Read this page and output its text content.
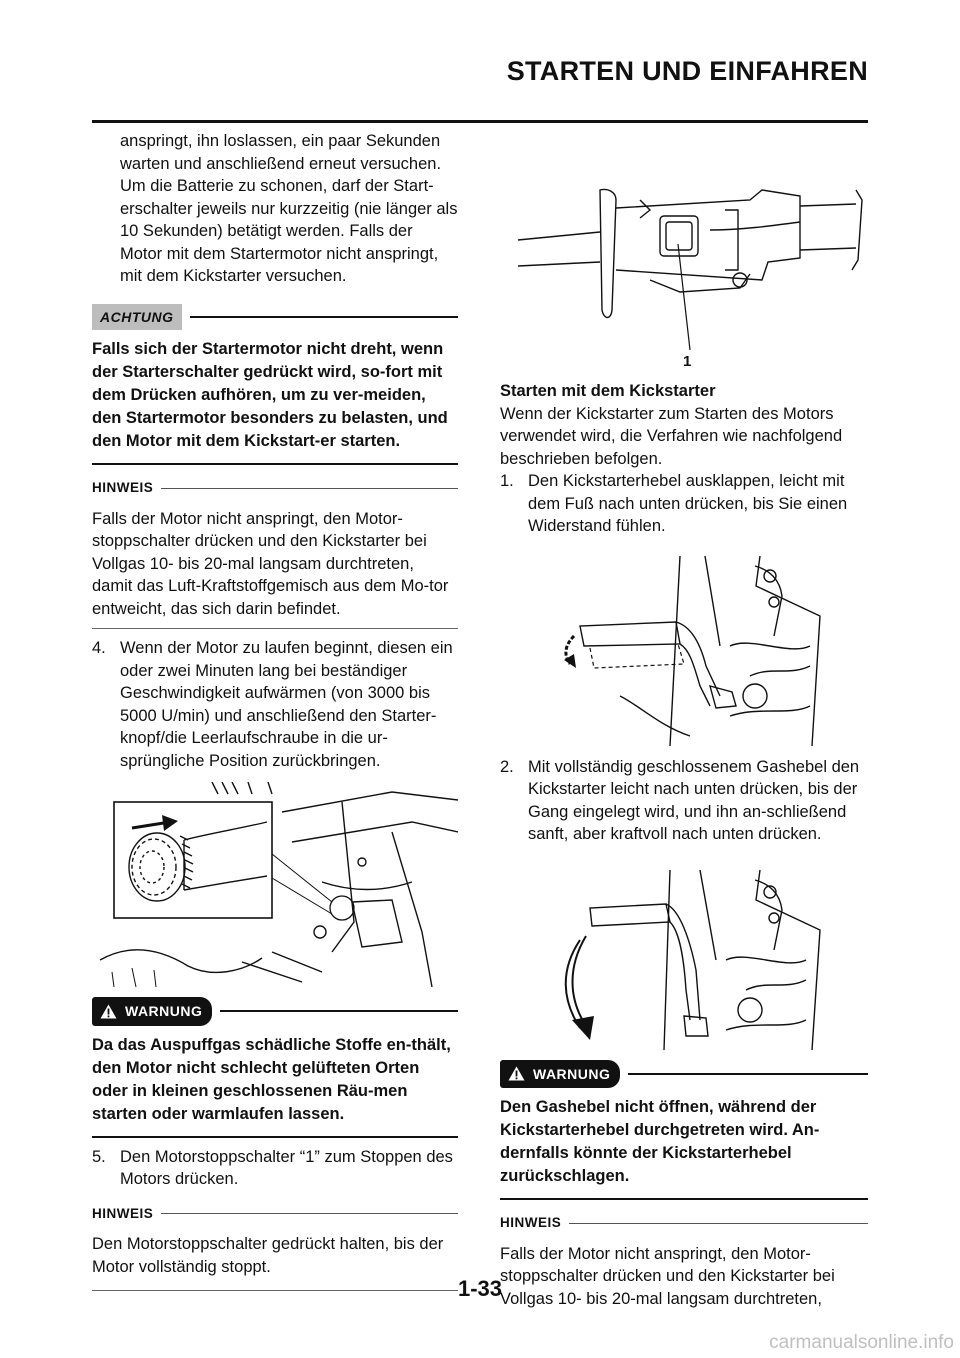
STARTEN UND EINFAHREN

anspringt, ihn loslassen, ein paar Sekunden warten und anschließend erneut versuchen. Um die Batterie zu schonen, darf der Start-erschalter jeweils nur kurzzeitig (nie länger als 10 Sekunden) betätigt werden. Falls der Motor mit dem Startermotor nicht anspringt, mit dem Kickstarter versuchen.

ACHTUNG

Falls sich der Startermotor nicht dreht, wenn der Starterschalter gedrückt wird, so-fort mit dem Drücken aufhören, um zu ver-meiden, den Startermotor besonders zu belasten, und den Motor mit dem Kickstart-er starten.

HINWEIS

Falls der Motor nicht anspringt, den Motor-stoppschalter drücken und den Kickstarter bei Vollgas 10- bis 20-mal langsam durchtreten, damit das Luft-Kraftstoffgemisch aus dem Mo-tor entweicht, das sich darin befindet.

4. Wenn der Motor zu laufen beginnt, diesen ein oder zwei Minuten lang bei beständiger Geschwindigkeit aufwärmen (von 3000 bis 5000 U/min) und anschließend den Starter-knopf/die Leerlaufschraube in die ur-sprüngliche Position zurückbringen.

WARNUNG

Da das Auspuffgas schädliche Stoffe en-thält, den Motor nicht schlecht gelüfteten Orten oder in kleinen geschlossenen Räu-men starten oder warmlaufen lassen.

5. Den Motorstoppschalter “1” zum Stoppen des Motors drücken.

HINWEIS

Den Motorstoppschalter gedrückt halten, bis der Motor vollständig stoppt.

1

Starten mit dem Kickstarter

Wenn der Kickstarter zum Starten des Motors verwendet wird, die Verfahren wie nachfolgend beschrieben befolgen.

1. Den Kickstarterhebel ausklappen, leicht mit dem Fuß nach unten drücken, bis Sie einen Widerstand fühlen.

2. Mit vollständig geschlossenem Gashebel den Kickstarter leicht nach unten drücken, bis der Gang eingelegt wird, und ihn an-schließend sanft, aber kraftvoll nach unten drücken.

WARNUNG

Den Gashebel nicht öffnen, während der Kickstarterhebel durchgetreten wird. An-dernfalls könnte der Kickstarterhebel zurückschlagen.

HINWEIS

Falls der Motor nicht anspringt, den Motor-stoppschalter drücken und den Kickstarter bei Vollgas 10- bis 20-mal langsam durchtreten,

1-33
carmanualsonline.info
